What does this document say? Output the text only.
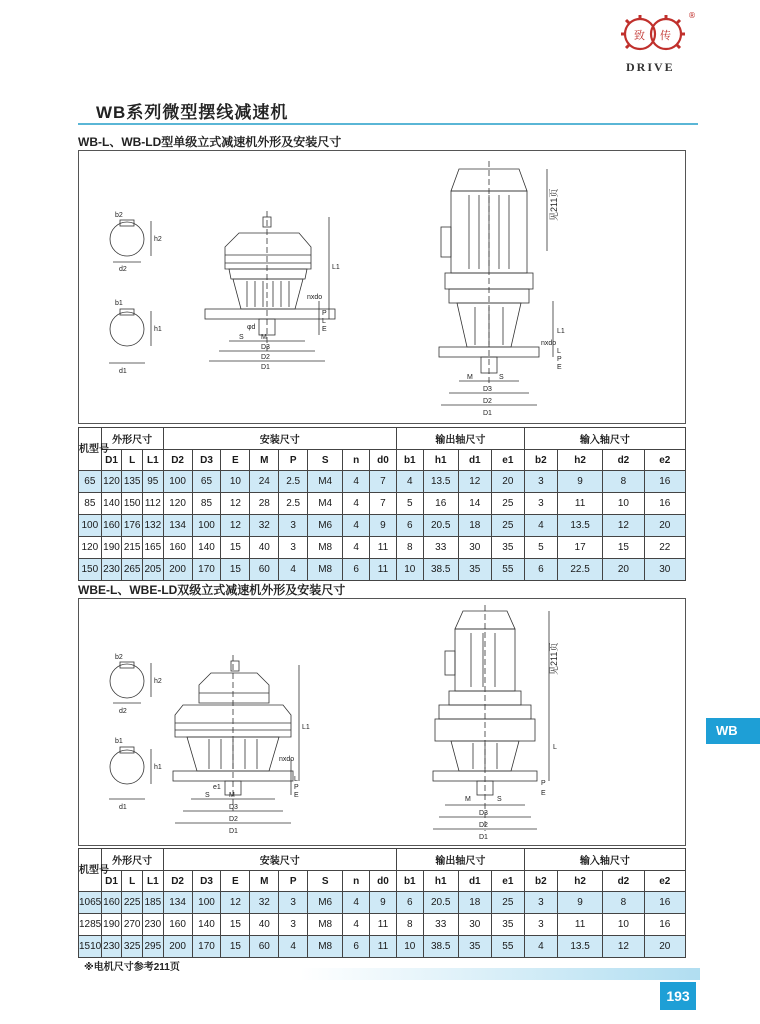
致 传
®
DRIVE
WB系列微型摆线减速机
WB-L、WB-LD型单级立式减速机外形及安装尺寸
b2
h2
d2
b1
h1
d1
L1
nxdo
L
P
E
φd
S M
D3
D2
D1
见211页
L1
nxdo
L
P
E
S
D3
D2
D1
M
机型号	外形尺寸			安装尺寸								输出轴尺寸				输入轴尺寸			
	D1	L	L1	D2	D3	E	M	P	S	n	d0	b1	h1	d1	e1	b2	h2	d2	e2
65	120	135	95	100	65	10	24	2.5	M4	4	7	4	13.5	12	20	3	9	8	16
85	140	150	112	120	85	12	28	2.5	M4	4	7	5	16	14	25	3	11	10	16
100	160	176	132	134	100	12	32	3	M6	4	9	6	20.5	18	25	4	13.5	12	20
120	190	215	165	160	140	15	40	3	M8	4	11	8	33	30	35	5	17	15	22
150	230	265	205	200	170	15	60	4	M8	6	11	10	38.5	35	55	6	22.5	20	30
WBE-L、WBE-LD双级立式减速机外形及安装尺寸
b2
h2
d2
b1
h1
d1
L1
nxdo
L
P
E
e1
S	M
D3
D2
D1
见211页
L
P
E
S
M
D3
D2
D1
机型号	外形尺寸			安装尺寸								输出轴尺寸				输入轴尺寸			
	D1	L	L1	D2	D3	E	M	P	S	n	d0	b1	h1	d1	e1	b2	h2	d2	e2
1065	160	225	185	134	100	12	32	3	M6	4	9	6	20.5	18	25	3	9	8	16
1285	190	270	230	160	140	15	40	3	M8	4	11	8	33	30	35	3	11	10	16
1510	230	325	295	200	170	15	60	4	M8	6	11	10	38.5	35	55	4	13.5	12	20
※电机尺寸参考211页
WB
193
